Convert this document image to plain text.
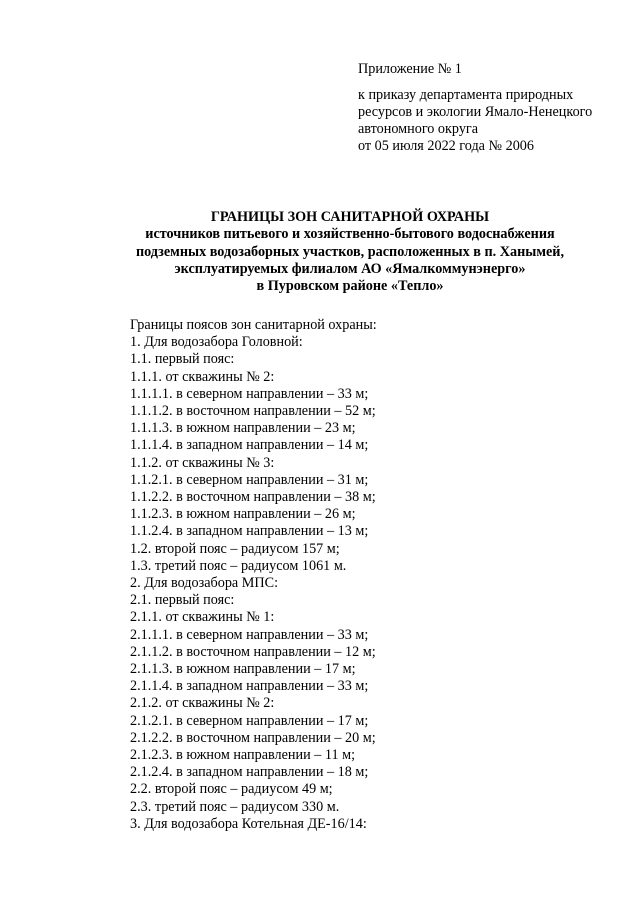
Приложение № 1
к приказу департамента природных
ресурсов и экологии Ямало-Ненецкого
автономного округа
от 05 июля 2022 года № 2006
ГРАНИЦЫ ЗОН САНИТАРНОЙ ОХРАНЫ
источников питьевого и хозяйственно-бытового водоснабжения
подземных водозаборных участков, расположенных в п. Ханымей,
эксплуатируемых филиалом АО «Ямалкоммунэнерго»
в Пуровском районе «Тепло»
Границы поясов зон санитарной охраны:
1. Для водозабора Головной:
1.1. первый пояс:
1.1.1. от скважины № 2:
1.1.1.1. в северном направлении – 33 м;
1.1.1.2. в восточном направлении – 52 м;
1.1.1.3. в южном направлении – 23 м;
1.1.1.4. в западном направлении – 14 м;
1.1.2. от скважины № 3:
1.1.2.1. в северном направлении – 31 м;
1.1.2.2. в восточном направлении – 38 м;
1.1.2.3. в южном направлении – 26 м;
1.1.2.4. в западном направлении – 13 м;
1.2. второй пояс – радиусом 157 м;
1.3. третий пояс – радиусом 1061 м.
2. Для водозабора МПС:
2.1. первый пояс:
2.1.1. от скважины № 1:
2.1.1.1. в северном направлении – 33 м;
2.1.1.2. в восточном направлении – 12 м;
2.1.1.3. в южном направлении – 17 м;
2.1.1.4. в западном направлении – 33 м;
2.1.2. от скважины № 2:
2.1.2.1. в северном направлении – 17 м;
2.1.2.2. в восточном направлении – 20 м;
2.1.2.3. в южном направлении – 11 м;
2.1.2.4. в западном направлении – 18 м;
2.2. второй пояс – радиусом 49 м;
2.3. третий пояс – радиусом 330 м.
3. Для водозабора Котельная ДЕ-16/14:
